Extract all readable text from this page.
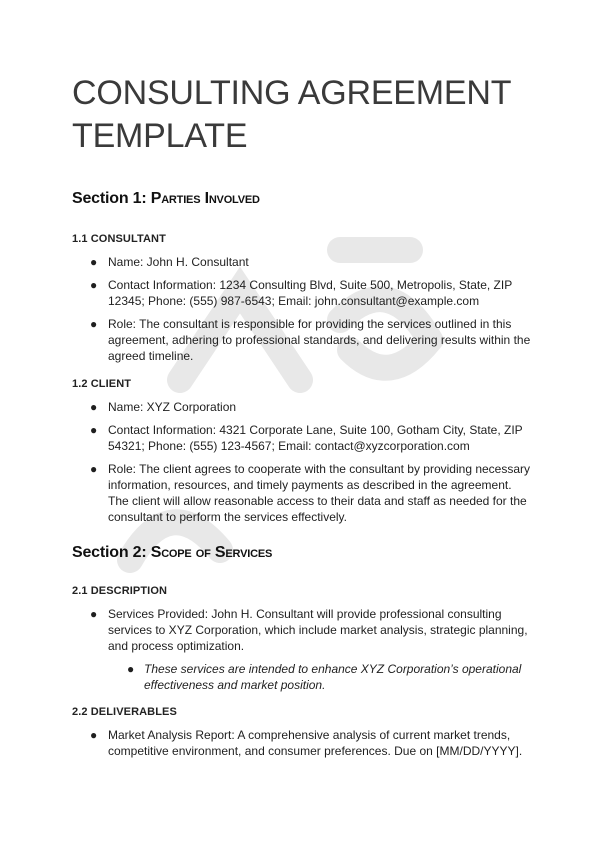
CONSULTING AGREEMENT TEMPLATE
Section 1: Parties Involved
1.1 CONSULTANT
● Name: John H. Consultant
● Contact Information: 1234 Consulting Blvd, Suite 500, Metropolis, State, ZIP 12345; Phone: (555) 987-6543; Email: john.consultant@example.com
● Role: The consultant is responsible for providing the services outlined in this agreement, adhering to professional standards, and delivering results within the agreed timeline.
1.2 CLIENT
● Name: XYZ Corporation
● Contact Information: 4321 Corporate Lane, Suite 100, Gotham City, State, ZIP 54321; Phone: (555) 123-4567; Email: contact@xyzcorporation.com
● Role: The client agrees to cooperate with the consultant by providing necessary information, resources, and timely payments as described in the agreement. The client will allow reasonable access to their data and staff as needed for the consultant to perform the services effectively.
Section 2: Scope of Services
2.1 DESCRIPTION
● Services Provided: John H. Consultant will provide professional consulting services to XYZ Corporation, which include market analysis, strategic planning, and process optimization.
● These services are intended to enhance XYZ Corporation’s operational effectiveness and market position.
2.2 DELIVERABLES
● Market Analysis Report: A comprehensive analysis of current market trends, competitive environment, and consumer preferences. Due on [MM/DD/YYYY].
